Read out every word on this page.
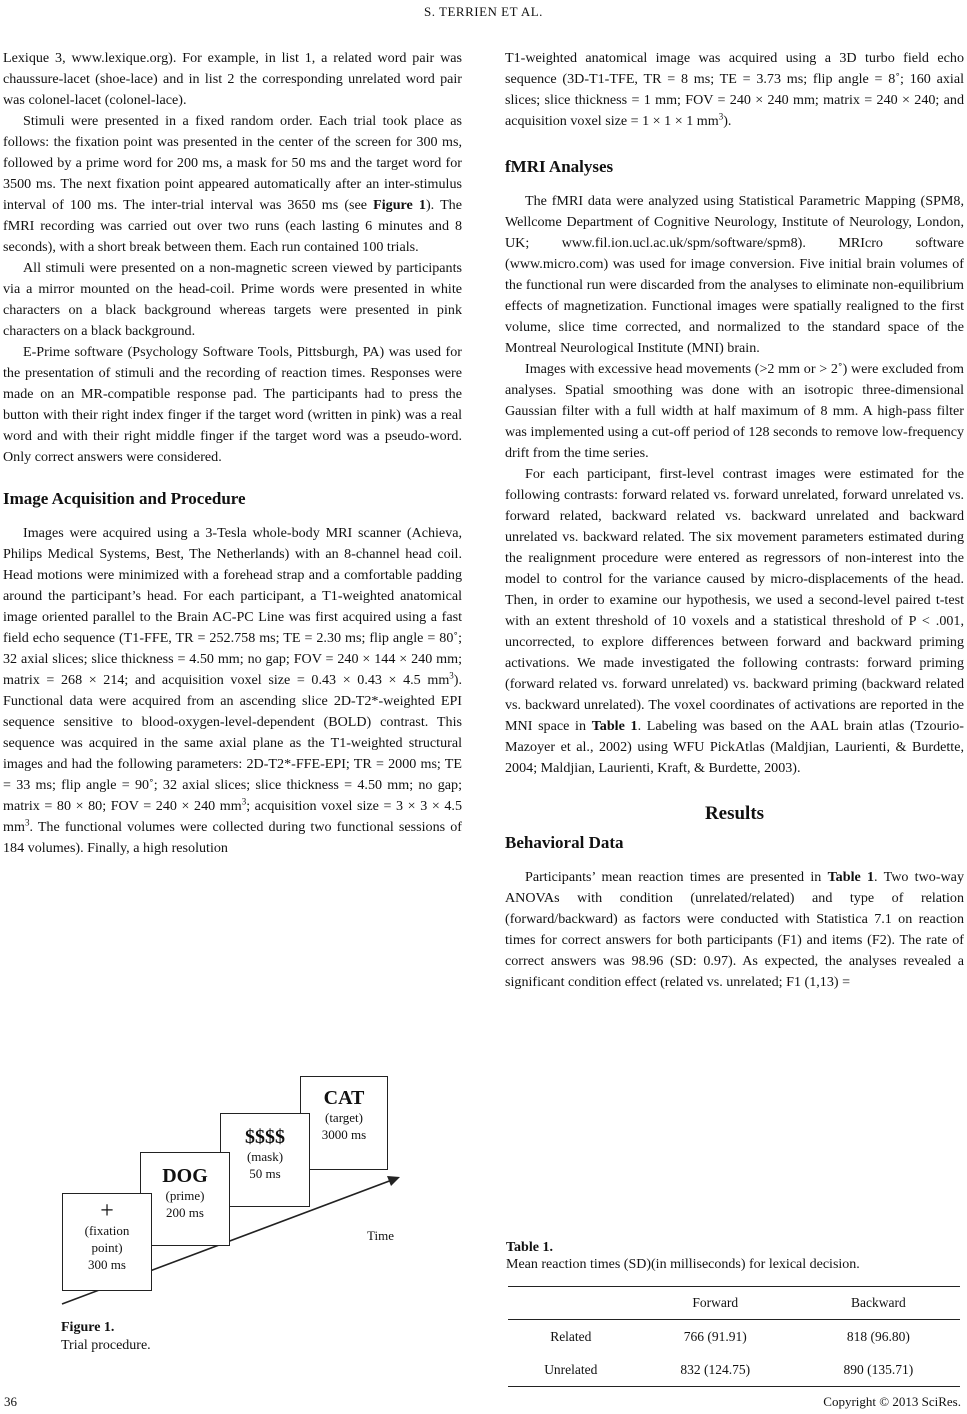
S. TERRIEN ET AL.

Lexique 3, www.lexique.org). For example, in list 1, a related word pair was chaussure-lacet (shoe-lace) and in list 2 the corresponding unrelated word pair was colonel-lacet (colonel-lace).

Stimuli were presented in a fixed random order. Each trial took place as follows: the fixation point was presented in the center of the screen for 300 ms, followed by a prime word for 200 ms, a mask for 50 ms and the target word for 3500 ms. The next fixation point appeared automatically after an inter-stimulus interval of 100 ms. The inter-trial interval was 3650 ms (see Figure 1). The fMRI recording was carried out over two runs (each lasting 6 minutes and 8 seconds), with a short break between them. Each run contained 100 trials.

All stimuli were presented on a non-magnetic screen viewed by participants via a mirror mounted on the head-coil. Prime words were presented in white characters on a black background whereas targets were presented in pink characters on a black background.

E-Prime software (Psychology Software Tools, Pittsburgh, PA) was used for the presentation of stimuli and the recording of reaction times. Responses were made on an MR-compatible response pad. The participants had to press the button with their right index finger if the target word (written in pink) was a real word and with their right middle finger if the target word was a pseudo-word. Only correct answers were considered.

Image Acquisition and Procedure

Images were acquired using a 3-Tesla whole-body MRI scanner (Achieva, Philips Medical Systems, Best, The Netherlands) with an 8-channel head coil. Head motions were minimized with a forehead strap and a comfortable padding around the participant’s head. For each participant, a T1-weighted anatomical image oriented parallel to the Brain AC-PC Line was first acquired using a fast field echo sequence (T1-FFE, TR = 252.758 ms; TE = 2.30 ms; flip angle = 80˚; 32 axial slices; slice thickness = 4.50 mm; no gap; FOV = 240 × 144 × 240 mm; matrix = 268 × 214; and acquisition voxel size = 0.43 × 0.43 × 4.5 $mm^3$). Functional data were acquired from an ascending slice 2D-T2*-weighted EPI sequence sensitive to blood-oxygen-level-dependent (BOLD) contrast. This sequence was acquired in the same axial plane as the T1-weighted structural images and had the following parameters: 2D-T2*-FFE-EPI; TR = 2000 ms; TE = 33 ms; flip angle = 90˚; 32 axial slices; slice thickness = 4.50 mm; no gap; matrix = 80 × 80; FOV = 240 × 240 $mm^3$; acquisition voxel size = 3 × 3 × 4.5 $mm^3$. The functional volumes were collected during two functional sessions of 184 volumes). Finally, a high resolution

CAT
(target)
3000 ms
$$$$
(mask)
50 ms
DOG
(prime)
200 ms
+
(fixation point)
300 ms
Time
Figure 1.
Trial procedure.

T1-weighted anatomical image was acquired using a 3D turbo field echo sequence (3D-T1-TFE, TR = 8 ms; TE = 3.73 ms; flip angle = 8˚; 160 axial slices; slice thickness = 1 mm; FOV = 240 × 240 mm; matrix = 240 × 240; and acquisition voxel size = 1 × 1 × 1 $mm^3$).

fMRI Analyses

The fMRI data were analyzed using Statistical Parametric Mapping (SPM8, Wellcome Department of Cognitive Neurology, Institute of Neurology, London, UK; www.fil.ion.ucl.ac.uk/spm/software/spm8). MRIcro software (www.micro.com) was used for image conversion. Five initial brain volumes of the functional run were discarded from the analyses to eliminate non-equilibrium effects of magnetization. Functional images were spatially realigned to the first volume, slice time corrected, and normalized to the standard space of the Montreal Neurological Institute (MNI) brain.

Images with excessive head movements (>2 mm or > 2˚) were excluded from analyses. Spatial smoothing was done with an isotropic three-dimensional Gaussian filter with a full width at half maximum of 8 mm. A high-pass filter was implemented using a cut-off period of 128 seconds to remove low-frequency drift from the time series.

For each participant, first-level contrast images were estimated for the following contrasts: forward related vs. forward unrelated, forward unrelated vs. forward related, backward related vs. backward unrelated and backward unrelated vs. backward related. The six movement parameters estimated during the realignment procedure were entered as regressors of non-interest into the model to control for the variance caused by micro-displacements of the head. Then, in order to examine our hypothesis, we used a second-level paired t-test with an extent threshold of 10 voxels and a statistical threshold of P < .001, uncorrected, to explore differences between forward and backward priming activations. We made investigated the following contrasts: forward priming (forward related vs. forward unrelated) vs. backward priming (backward related vs. backward unrelated). The voxel coordinates of activations are reported in the MNI space in Table 1. Labeling was based on the AAL brain atlas (Tzourio-Mazoyer et al., 2002) using WFU PickAtlas (Maldjian, Laurienti, & Burdette, 2004; Maldjian, Laurienti, Kraft, & Burdette, 2003).

Results
Behavioral Data

Participants’ mean reaction times are presented in Table 1. Two two-way ANOVAs with condition (unrelated/related) and type of relation (forward/backward) as factors were conducted with Statistica 7.1 on reaction times for correct answers for both participants (F1) and items (F2). The rate of correct answers was 98.96 (SD: 0.97). As expected, the analyses revealed a significant condition effect (related vs. unrelated; F1 (1,13) =

Table 1.
Mean reaction times (SD)(in milliseconds) for lexical decision.
	Forward	Backward
Related	766 (91.91)	818 (96.80)
Unrelated	832 (124.75)	890 (135.71)
36	Copyright © 2013 SciRes.
